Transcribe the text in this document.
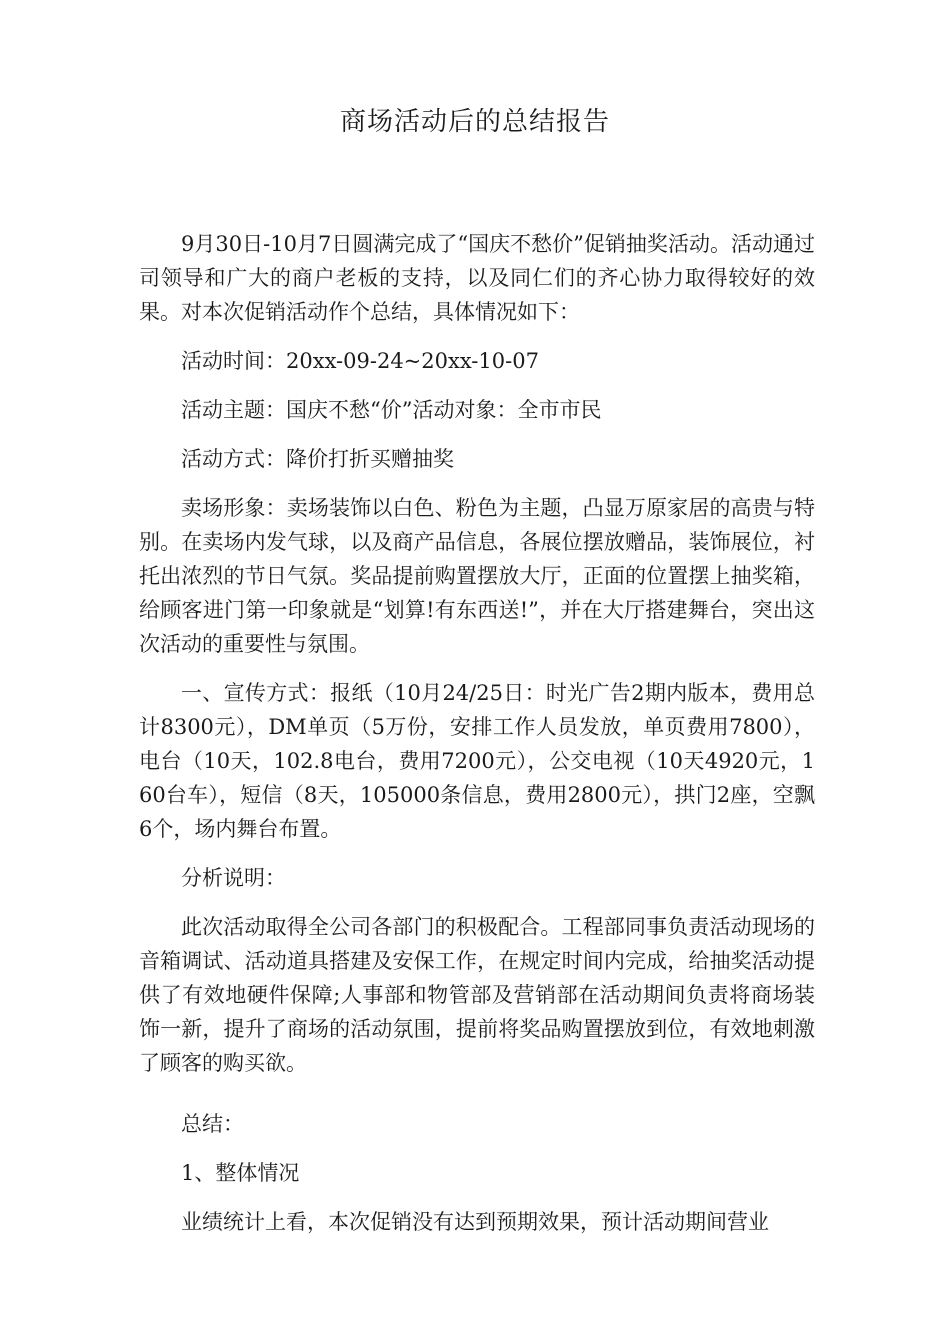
商场活动后的总结报告

9月30日-10月7日圆满完成了“国庆不愁价”促销抽奖活动。活动通过司领导和广大的商户老板的支持，以及同仁们的齐心协力取得较好的效果。对本次促销活动作个总结，具体情况如下：

活动时间：20xx-09-24~20xx-10-07

活动主题：国庆不愁“价”活动对象：全市市民

活动方式：降价打折买赠抽奖

卖场形象：卖场装饰以白色、粉色为主题，凸显万原家居的高贵与特别。在卖场内发气球，以及商产品信息，各展位摆放赠品，装饰展位，衬托出浓烈的节日气氛。奖品提前购置摆放大厅，正面的位置摆上抽奖箱，给顾客进门第一印象就是“划算!有东西送!”，并在大厅搭建舞台，突出这次活动的重要性与氛围。

一、宣传方式：报纸（10月24/25日：时光广告2期内版本，费用总计8300元），DM单页（5万份，安排工作人员发放，单页费用7800），电台（10天，102.8电台，费用7200元），公交电视（10天4920元，160台车），短信（8天，105000条信息，费用2800元），拱门2座，空飘6个，场内舞台布置。

分析说明：

此次活动取得全公司各部门的积极配合。工程部同事负责活动现场的音箱调试、活动道具搭建及安保工作，在规定时间内完成，给抽奖活动提供了有效地硬件保障;人事部和物管部及营销部在活动期间负责将商场装饰一新，提升了商场的活动氛围，提前将奖品购置摆放到位，有效地刺激了顾客的购买欲。

总结：

1、整体情况

业绩统计上看，本次促销没有达到预期效果，预计活动期间营业
